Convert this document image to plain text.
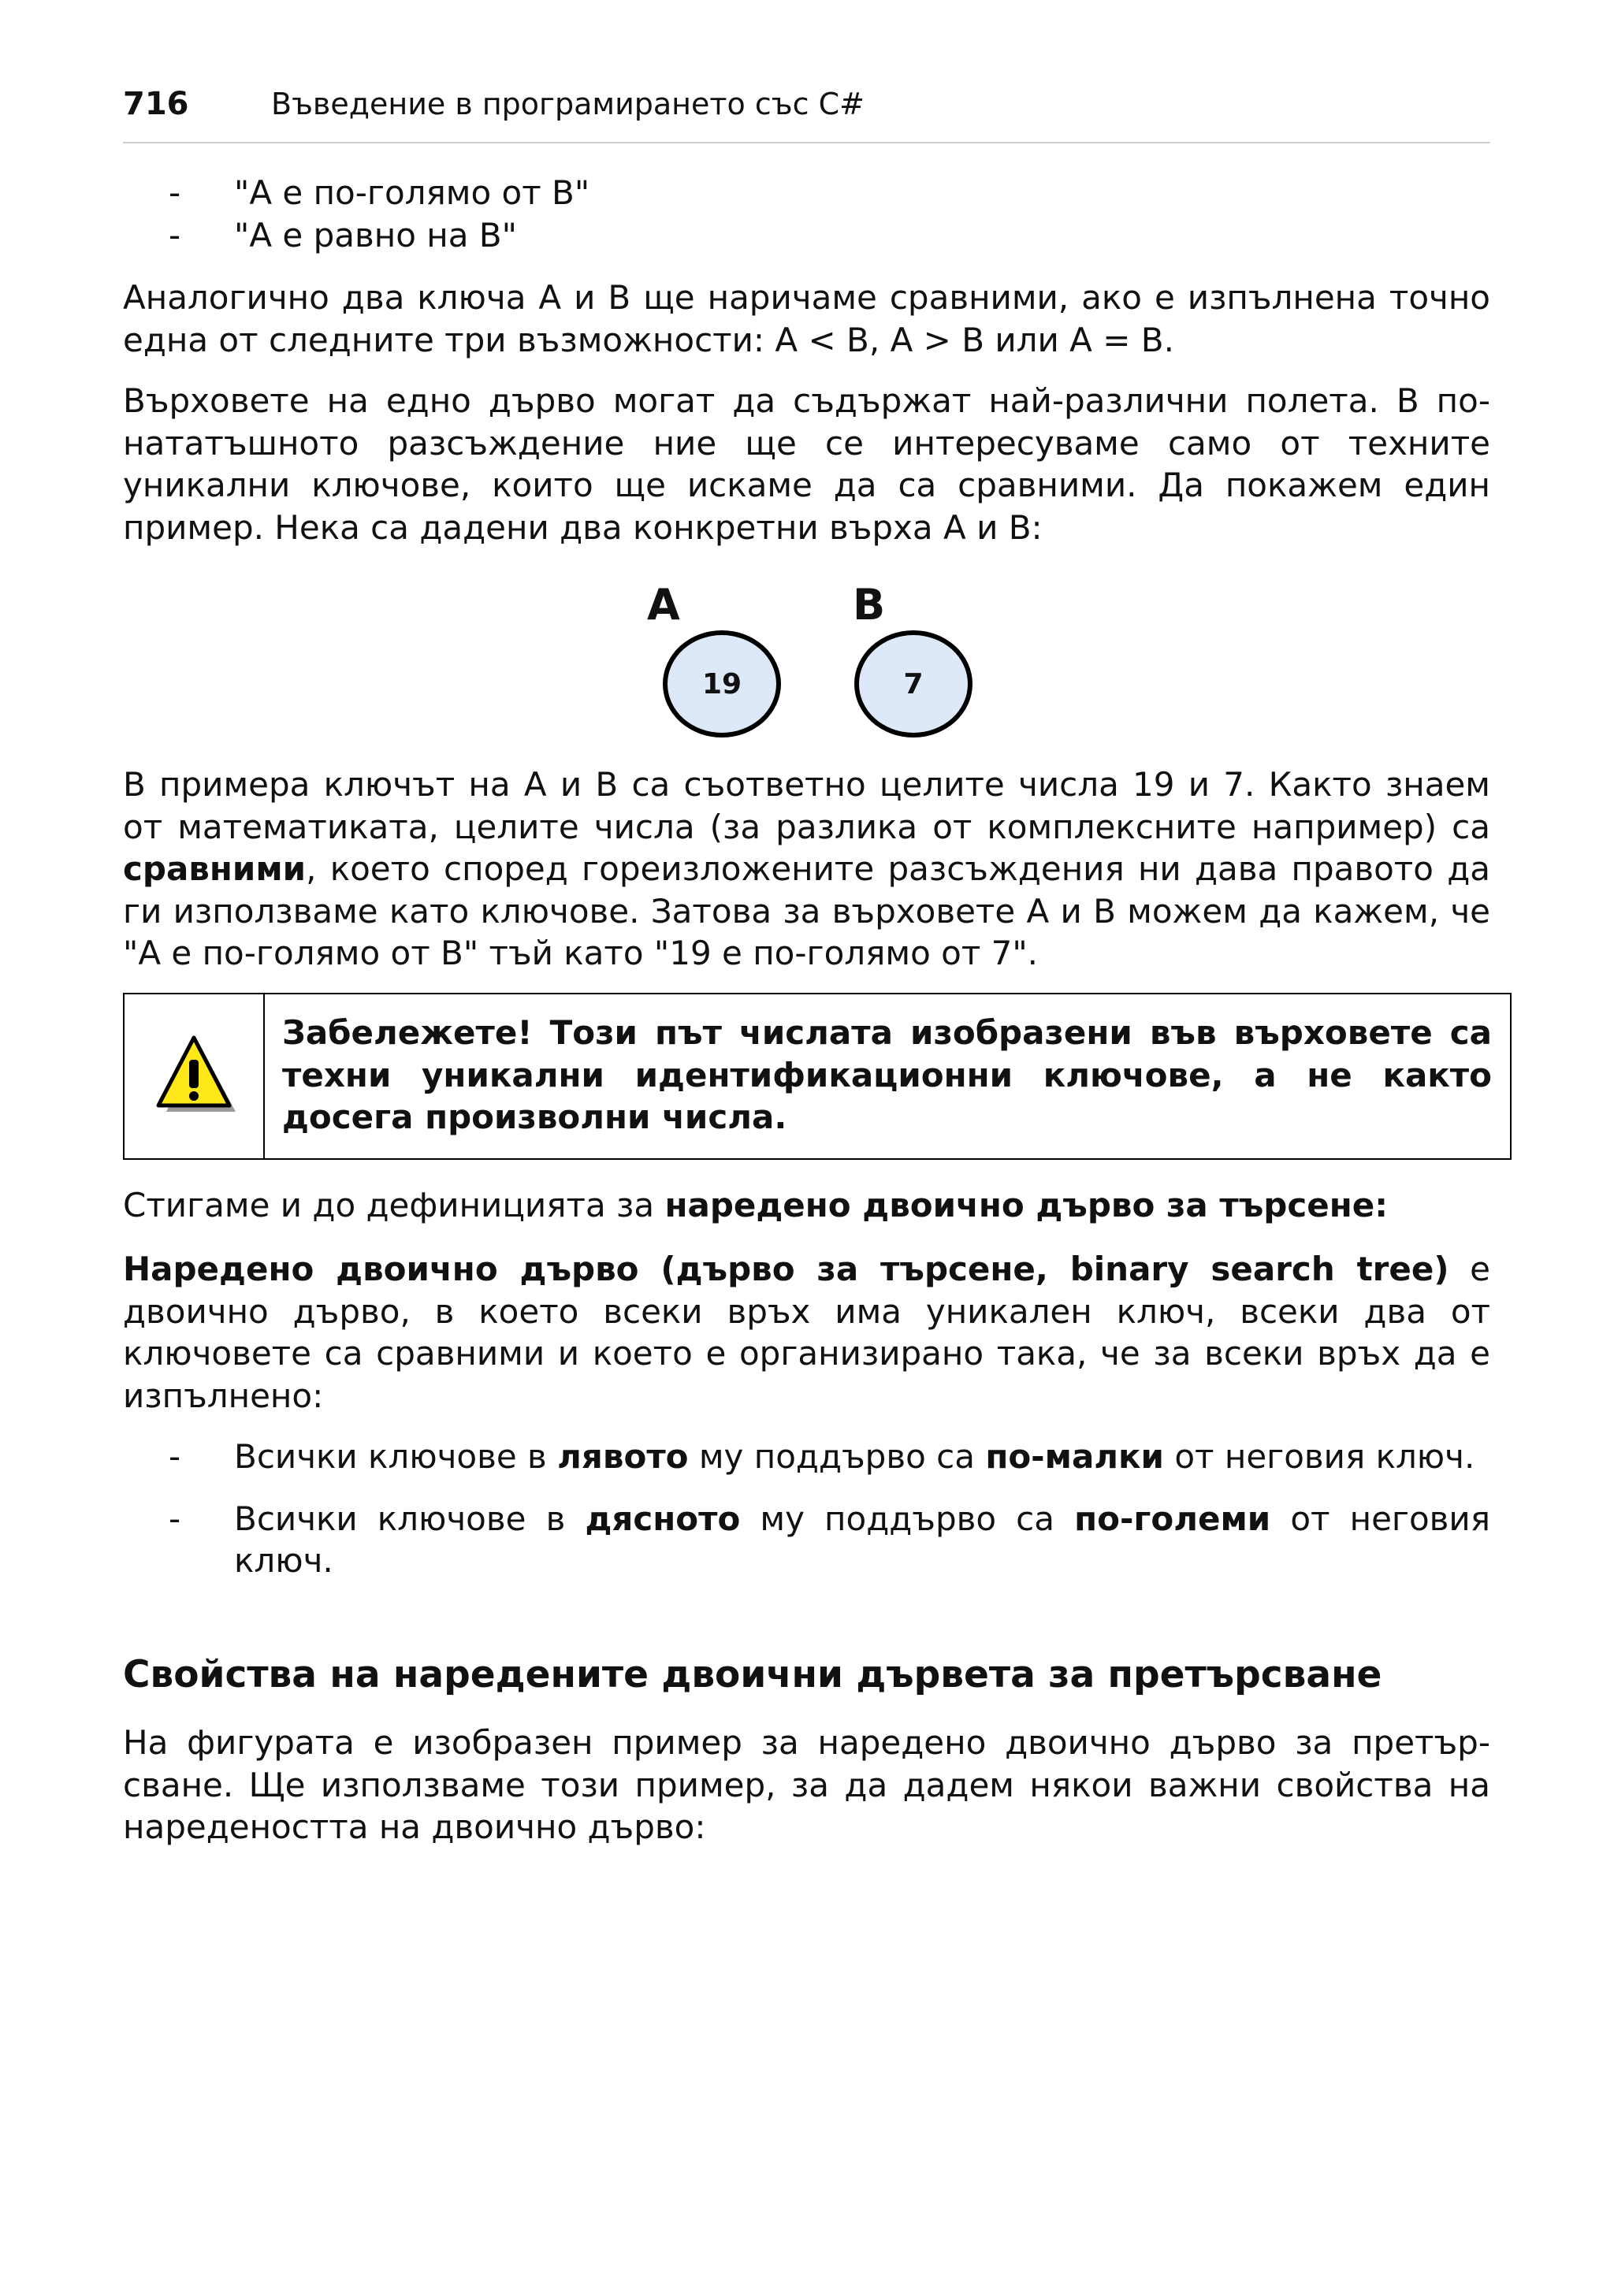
716	Въведение в програмирането със C#
- "A е по-голямо от B"
- "A е равно на B"

Аналогично два ключа A и B ще наричаме сравними, ако е изпълнена точно една от следните три възможности: A < B, A > B или A = B.

Върховете на едно дърво могат да съдържат най-различни полета. В по-нататъшното разсъждение ние ще се интересуваме само от техните уникални ключове, които ще искаме да са сравними. Да покажем един пример. Нека са дадени два конкретни върха A и B:

A
19
B
7

В примера ключът на A и B са съответно целите числа 19 и 7. Както знаем от математиката, целите числа (за разлика от комплексните например) са сравними, което според гореизложените разсъждения ни дава правото да ги използваме като ключове. Затова за върховете A и B можем да кажем, че "A е по-голямо от B" тъй като "19 е по-голямо от 7".

Забележете! Този път числата изобразени във върховете са техни уникални идентификационни ключове, а не както досега произволни числа.

Стигаме и до дефиницията за наредено двоично дърво за търсене:

Наредено двоично дърво (дърво за търсене, binary search tree) е двоично дърво, в което всеки връх има уникален ключ, всеки два от ключовете са сравними и което е организирано така, че за всеки връх да е изпълнено:

- Всички ключове в лявото му поддърво са по-малки от неговия ключ.
- Всички ключове в дясното му поддърво са по-големи от неговия ключ.
Свойства на наредените двоични дървета за претърсване

На фигурата е изобразен пример за наредено двоично дърво за претър-сване. Ще използваме този пример, за да дадем някои важни свойства на наредеността на двоично дърво:
